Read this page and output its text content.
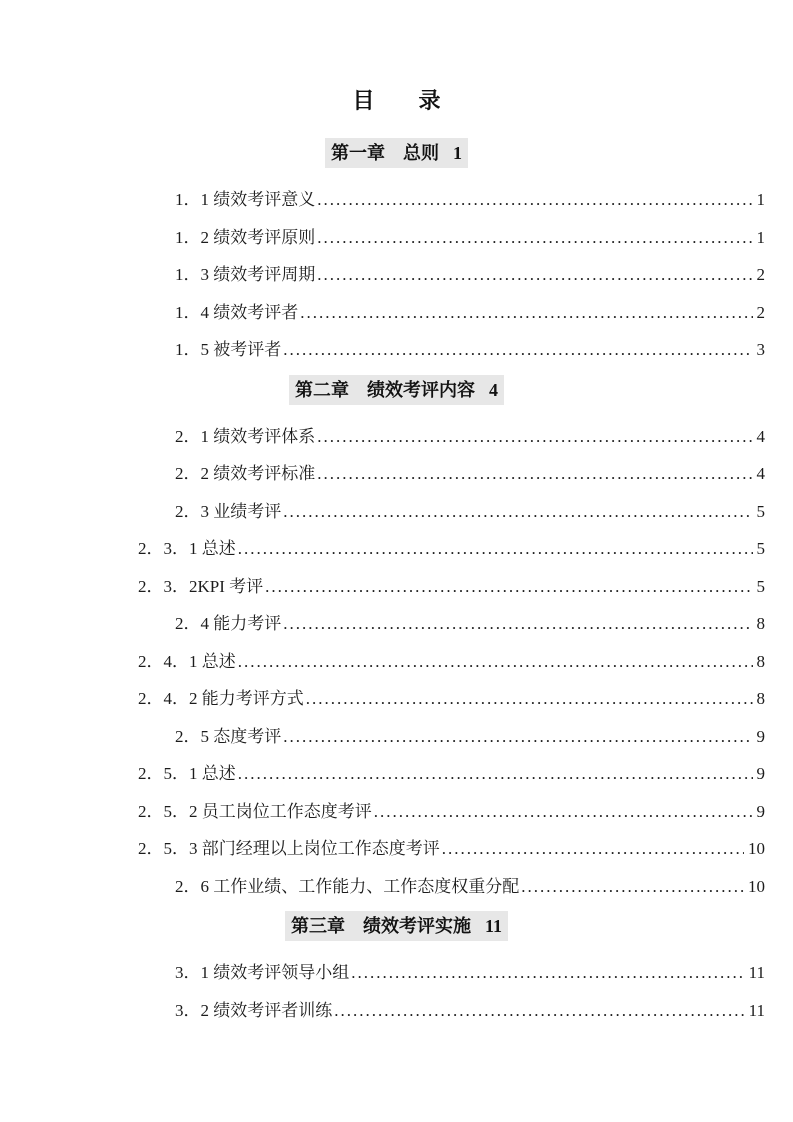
目　　录
第一章　总则 1
1．1 绩效考评意义 .....	1
1．2 绩效考评原则 .....	1
1．3 绩效考评周期 .....	2
1．4 绩效考评者 .....	2
1．5 被考评者 .....	3
第二章　绩效考评内容 4
2．1 绩效考评体系 .....	4
2．2 绩效考评标准 .....	4
2．3 业绩考评 .....	5
2．3．1 总述 .....	5
2．3．2KPI 考评 .....	5
2．4 能力考评 .....	8
2．4．1 总述 .....	8
2．4．2 能力考评方式 .....	8
2．5 态度考评 .....	9
2．5．1 总述 .....	9
2．5．2 员工岗位工作态度考评 .....	9
2．5．3 部门经理以上岗位工作态度考评 .....	10
2．6 工作业绩、工作能力、工作态度权重分配 .....	10
第三章　绩效考评实施 11
3．1 绩效考评领导小组 .....	11
3．2 绩效考评者训练 .....	11
